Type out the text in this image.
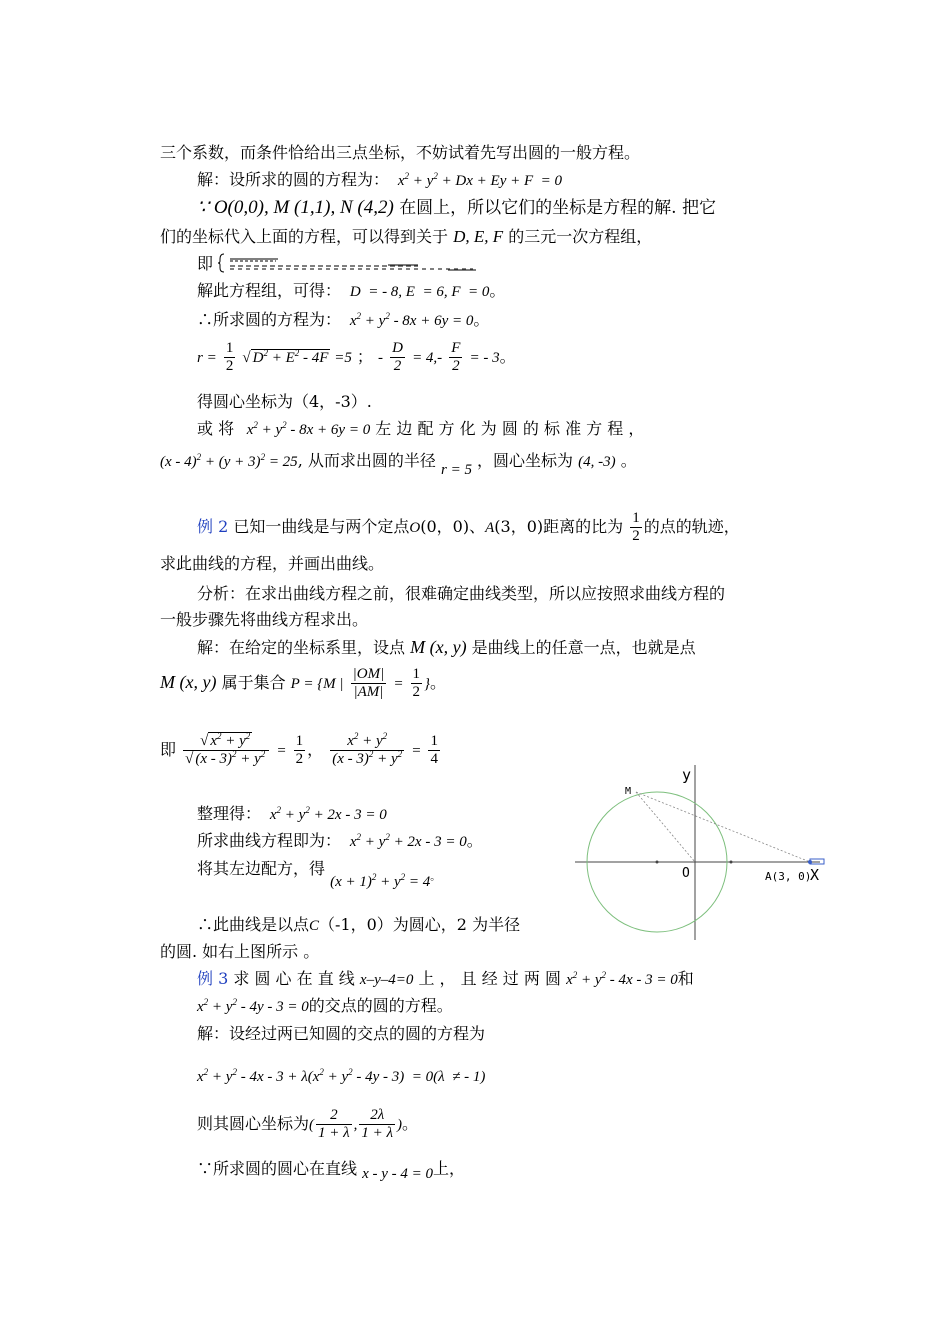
三个系数，而条件恰给出三点坐标，不妨试着先写出圆的一般方程。
解：设所求的圆的方程为：  $x^2 + y^2 + Dx + Ey + F = 0$
∵ O(0,0), M (1,1), N (4,2) 在圆上，所以它们的坐标是方程的解. 把它
们的坐标代入上面的方程，可以得到关于 D, E, F 的三元一次方程组，
即
解此方程组，可得：  D  = - 8, E  = 6, F  = 0。
∴所求圆的方程为：  $x^2 + y^2 - 8x + 6y = 0$。
$r = \frac{1}{2}$ √ $D^2 + E^2 - 4F =5$ ； - $\frac{D}{2} = 4,- \frac{F}{2}$ = - 3。
得圆心坐标为（4，-3）.
或 将   $x^2 + y^2 - 8x + 6y = 0$ 左 边 配 方 化 为 圆 的 标 准 方 程 ，
$(x - 4)^2 + (y + 3)^2 = 25$, 从而求出圆的半径 r = 5 ，圆心坐标为 (4, -3) 。
例 2 已知一曲线是与两个定点O(0，0)、A(3，0)距离的比为 $\frac{1}{2}$ 的点的轨迹，
求此曲线的方程，并画出曲线。
分析：在求出曲线方程之前，很难确定曲线类型，所以应按照求曲线方程的
一般步骤先将曲线方程求出。
解：在给定的坐标系里，设点 M (x, y) 是曲线上的任意一点，也就是点
M (x, y) 属于集合 P = {M | $\frac{|OM|}{|AM|} = \frac{1}{2}$ }。
即 $\frac{√ x^2 + y^2}{√ (x - 3)^2 + y^2} = \frac{1}{2}$ ， $\frac{x^2 + y^2}{(x - 3)^2 + y^2} = \frac{1}{4}$
整理得：  $x^2 + y^2 + 2x - 3 = 0$
所求曲线方程即为：  $x^2 + y^2 + 2x - 3 = 0$。
将其左边配方，得 $(x + 1)^2 + y^2 = 4_。$
∴此曲线是以点C（-1，0）为圆心，2 为半径
的圆. 如右上图所示 。
例 3 求 圆 心 在 直 线 x–y–4=0 上 ， 且 经 过 两 圆 $x^2 + y^2 - 4x - 3 = 0$和
$x^2 + y^2 - 4y - 3 = 0$的交点的圆的方程。
解：设经过两已知圆的交点的圆的方程为
$x^2 + y^2 - 4x - 3 + \lambda(x^2 + y^2 - 4y - 3) = 0(\lambda$  ≠ - 1)
则其圆心坐标为( $\frac{2}{1 + \lambda}$ , $\frac{2\lambda}{1 + \lambda}$ )。
∵所求圆的圆心在直线 x - y - 4 = 0上，
M
O	A(3, 0)
X
y
